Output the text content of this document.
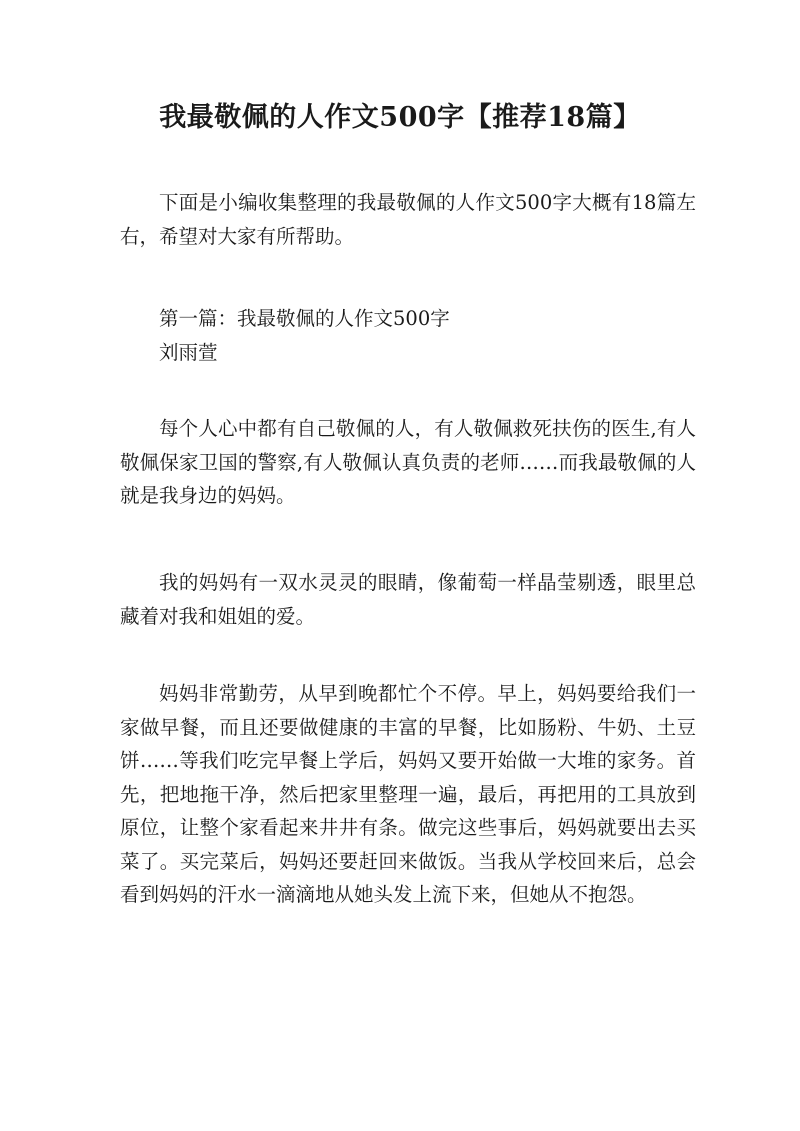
我最敬佩的人作文500字【推荐18篇】

下面是小编收集整理的我最敬佩的人作文500字大概有18篇左右，希望对大家有所帮助。

第一篇：我最敬佩的人作文500字

刘雨萱

每个人心中都有自己敬佩的人，有人敬佩救死扶伤的医生,有人敬佩保家卫国的警察,有人敬佩认真负责的老师……而我最敬佩的人就是我身边的妈妈。

我的妈妈有一双水灵灵的眼睛，像葡萄一样晶莹剔透，眼里总藏着对我和姐姐的爱。

妈妈非常勤劳，从早到晚都忙个不停。早上，妈妈要给我们一家做早餐，而且还要做健康的丰富的早餐，比如肠粉、牛奶、土豆饼……等我们吃完早餐上学后，妈妈又要开始做一大堆的家务。首先，把地拖干净，然后把家里整理一遍，最后，再把用的工具放到原位，让整个家看起来井井有条。做完这些事后，妈妈就要出去买菜了。买完菜后，妈妈还要赶回来做饭。当我从学校回来后，总会看到妈妈的汗水一滴滴地从她头发上流下来，但她从不抱怨。
